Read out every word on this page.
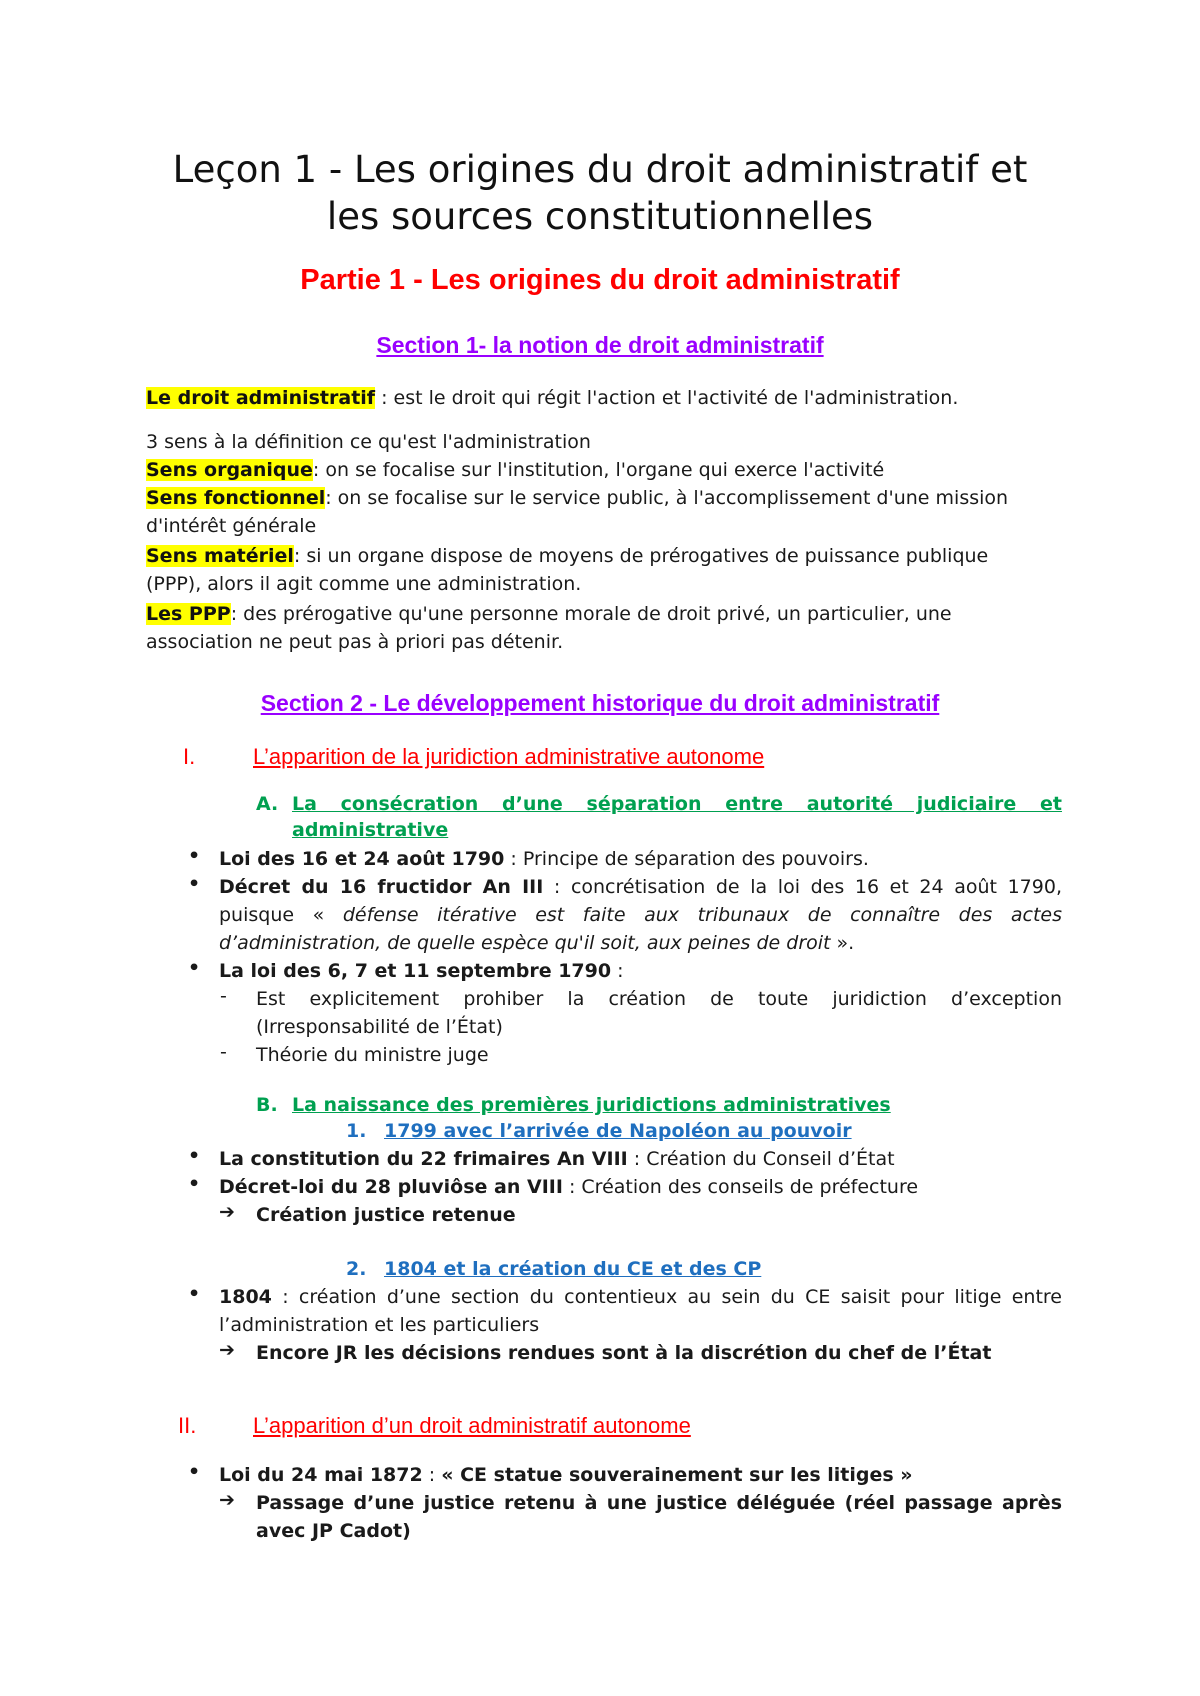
Leçon 1 - Les origines du droit administratif et
les sources constitutionnelles
Partie 1 - Les origines du droit administratif
Section 1- la notion de droit administratif
Le droit administratif : est le droit qui régit l'action et l'activité de l'administration.
3 sens à la définition ce qu'est l'administration
Sens organique: on se focalise sur l'institution, l'organe qui exerce l'activité
Sens fonctionnel: on se focalise sur le service public, à l'accomplissement d'une mission
d'intérêt générale
Sens matériel: si un organe dispose de moyens de prérogatives de puissance publique
(PPP), alors il agit comme une administration.
Les PPP: des prérogative qu'une personne morale de droit privé, un particulier, une
association ne peut pas à priori pas détenir.
Section 2 - Le développement historique du droit administratif
I.	L’apparition de la juridiction administrative autonome
A. La consécration d’une séparation entre autorité judiciaire et
administrative
• Loi des 16 et 24 août 1790 : Principe de séparation des pouvoirs.
• Décret du 16 fructidor An III : concrétisation de la loi des 16 et 24 août 1790,
puisque « défense itérative est faite aux tribunaux de connaître des actes
d’administration, de quelle espèce qu'il soit, aux peines de droit ».
• La loi des 6, 7 et 11 septembre 1790 :
- Est explicitement prohiber la création de toute juridiction d’exception
(Irresponsabilité de l’État)
- Théorie du ministre juge
B. La naissance des premières juridictions administratives
1. 1799 avec l’arrivée de Napoléon au pouvoir
• La constitution du 22 frimaires An VIII : Création du Conseil d’État
• Décret-loi du 28 pluviôse an VIII : Création des conseils de préfecture
➔ Création justice retenue
2. 1804 et la création du CE et des CP
• 1804 : création d’une section du contentieux au sein du CE saisit pour litige entre
l’administration et les particuliers
➔ Encore JR les décisions rendues sont à la discrétion du chef de l’État
II.	L’apparition d’un droit administratif autonome
• Loi du 24 mai 1872 : « CE statue souverainement sur les litiges »
➔ Passage d’une justice retenu à une justice déléguée (réel passage après
avec JP Cadot)
